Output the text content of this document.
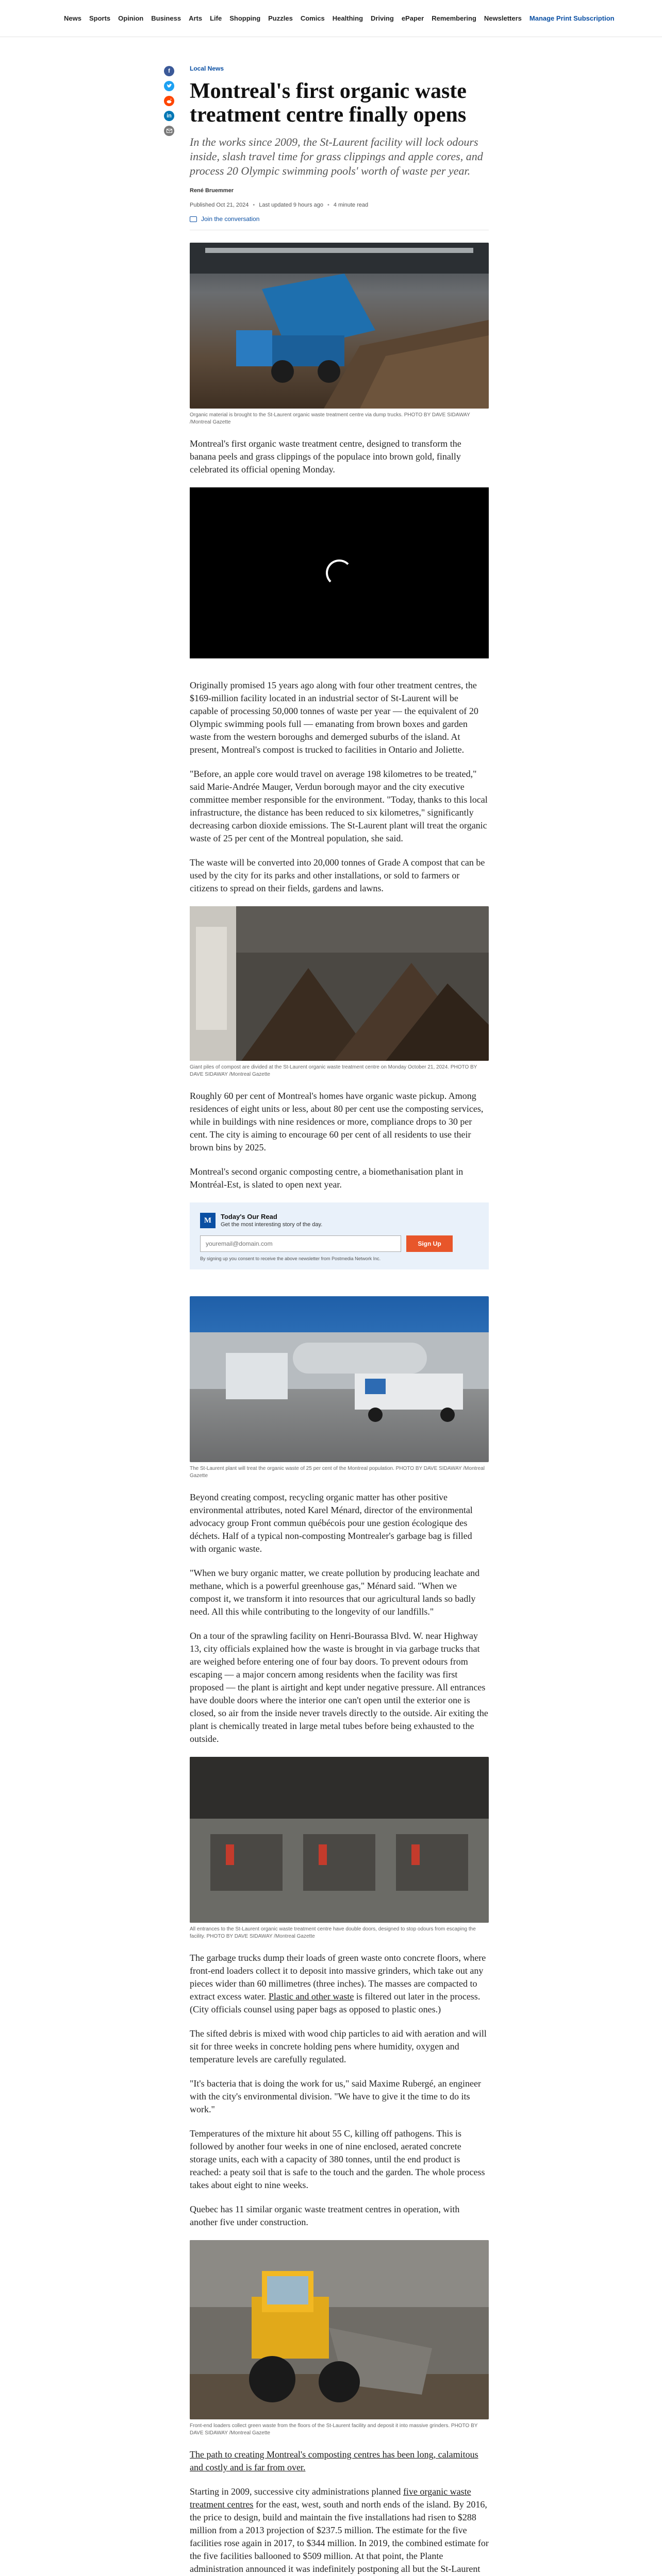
News Sports Opinion Business Arts Life Shopping Puzzles Comics Healthing Driving ePaper Remembering Newsletters Manage Print Subscription
f
in
Local News
Montreal's first organic waste treatment centre finally opens

In the works since 2009, the St-Laurent facility will lock odours inside, slash travel time for grass clippings and apple cores, and process 20 Olympic swimming pools' worth of waste per year.

René Bruemmer
Published Oct 21, 2024 • Last updated 9 hours ago • 4 minute read
Join the conversation
Organic material is brought to the St-Laurent organic waste treatment centre via dump trucks. PHOTO BY DAVE SIDAWAY /Montreal Gazette

Montreal's first organic waste treatment centre, designed to transform the banana peels and grass clippings of the populace into brown gold, finally celebrated its official opening Monday.

Originally promised 15 years ago along with four other treatment centres, the $169-million facility located in an industrial sector of St-Laurent will be capable of processing 50,000 tonnes of waste per year — the equivalent of 20 Olympic swimming pools full — emanating from brown boxes and garden waste from the western boroughs and demerged suburbs of the island. At present, Montreal's compost is trucked to facilities in Ontario and Joliette.

"Before, an apple core would travel on average 198 kilometres to be treated," said Marie-Andrée Mauger, Verdun borough mayor and the city executive committee member responsible for the environment. "Today, thanks to this local infrastructure, the distance has been reduced to six kilometres," significantly decreasing carbon dioxide emissions. The St-Laurent plant will treat the organic waste of 25 per cent of the Montreal population, she said.

The waste will be converted into 20,000 tonnes of Grade A compost that can be used by the city for its parks and other installations, or sold to farmers or citizens to spread on their fields, gardens and lawns.

Giant piles of compost are divided at the St-Laurent organic waste treatment centre on Monday October 21, 2024. PHOTO BY DAVE SIDAWAY /Montreal Gazette

Roughly 60 per cent of Montreal's homes have organic waste pickup. Among residences of eight units or less, about 80 per cent use the composting services, while in buildings with nine residences or more, compliance drops to 30 per cent. The city is aiming to encourage 60 per cent of all residents to use their brown bins by 2025.

Montreal's second organic composting centre, a biomethanisation plant in Montréal-Est, is slated to open next year.

M	Today's Our Read
Get the most interesting story of the day.
youremail@domain.com
Sign Up
By signing up you consent to receive the above newsletter from Postmedia Network Inc.
The St-Laurent plant will treat the organic waste of 25 per cent of the Montreal population. PHOTO BY DAVE SIDAWAY /Montreal Gazette

Beyond creating compost, recycling organic matter has other positive environmental attributes, noted Karel Ménard, director of the environmental advocacy group Front commun québécois pour une gestion écologique des déchets. Half of a typical non-composting Montrealer's garbage bag is filled with organic waste.

"When we bury organic matter, we create pollution by producing leachate and methane, which is a powerful greenhouse gas," Ménard said. "When we compost it, we transform it into resources that our agricultural lands so badly need. All this while contributing to the longevity of our landfills."

On a tour of the sprawling facility on Henri-Bourassa Blvd. W. near Highway 13, city officials explained how the waste is brought in via garbage trucks that are weighed before entering one of four bay doors. To prevent odours from escaping — a major concern among residents when the facility was first proposed — the plant is airtight and kept under negative pressure. All entrances have double doors where the interior one can't open until the exterior one is closed, so air from the inside never travels directly to the outside. Air exiting the plant is chemically treated in large metal tubes before being exhausted to the outside.

All entrances to the St-Laurent organic waste treatment centre have double doors, designed to stop odours from escaping the facility. PHOTO BY DAVE SIDAWAY /Montreal Gazette

The garbage trucks dump their loads of green waste onto concrete floors, where front-end loaders collect it to deposit into massive grinders, which take out any pieces wider than 60 millimetres (three inches). The masses are compacted to extract excess water. Plastic and other waste is filtered out later in the process. (City officials counsel using paper bags as opposed to plastic ones.)

The sifted debris is mixed with wood chip particles to aid with aeration and will sit for three weeks in concrete holding pens where humidity, oxygen and temperature levels are carefully regulated.

"It's bacteria that is doing the work for us," said Maxime Rubergé, an engineer with the city's environmental division. "We have to give it the time to do its work."

Temperatures of the mixture hit about 55 C, killing off pathogens. This is followed by another four weeks in one of nine enclosed, aerated concrete storage units, each with a capacity of 380 tonnes, until the end product is reached: a peaty soil that is safe to the touch and the garden. The whole process takes about eight to nine weeks.

Quebec has 11 similar organic waste treatment centres in operation, with another five under construction.

Front-end loaders collect green waste from the floors of the St-Laurent facility and deposit it into massive grinders. PHOTO BY DAVE SIDAWAY /Montreal Gazette

The path to creating Montreal's composting centres has been long, calamitous and costly and is far from over.

Starting in 2009, successive city administrations planned five organic waste treatment centres for the east, west, south and north ends of the island. By 2016, the price to design, build and maintain the five installations had risen to $288 million from a 2013 projection of $237.5 million. The estimate for the five facilities rose again in 2017, to $344 million. In 2019, the combined estimate for the five facilities ballooned to $509 million. At that point, the Plante administration announced it was indefinitely postponing all but the St-Laurent
